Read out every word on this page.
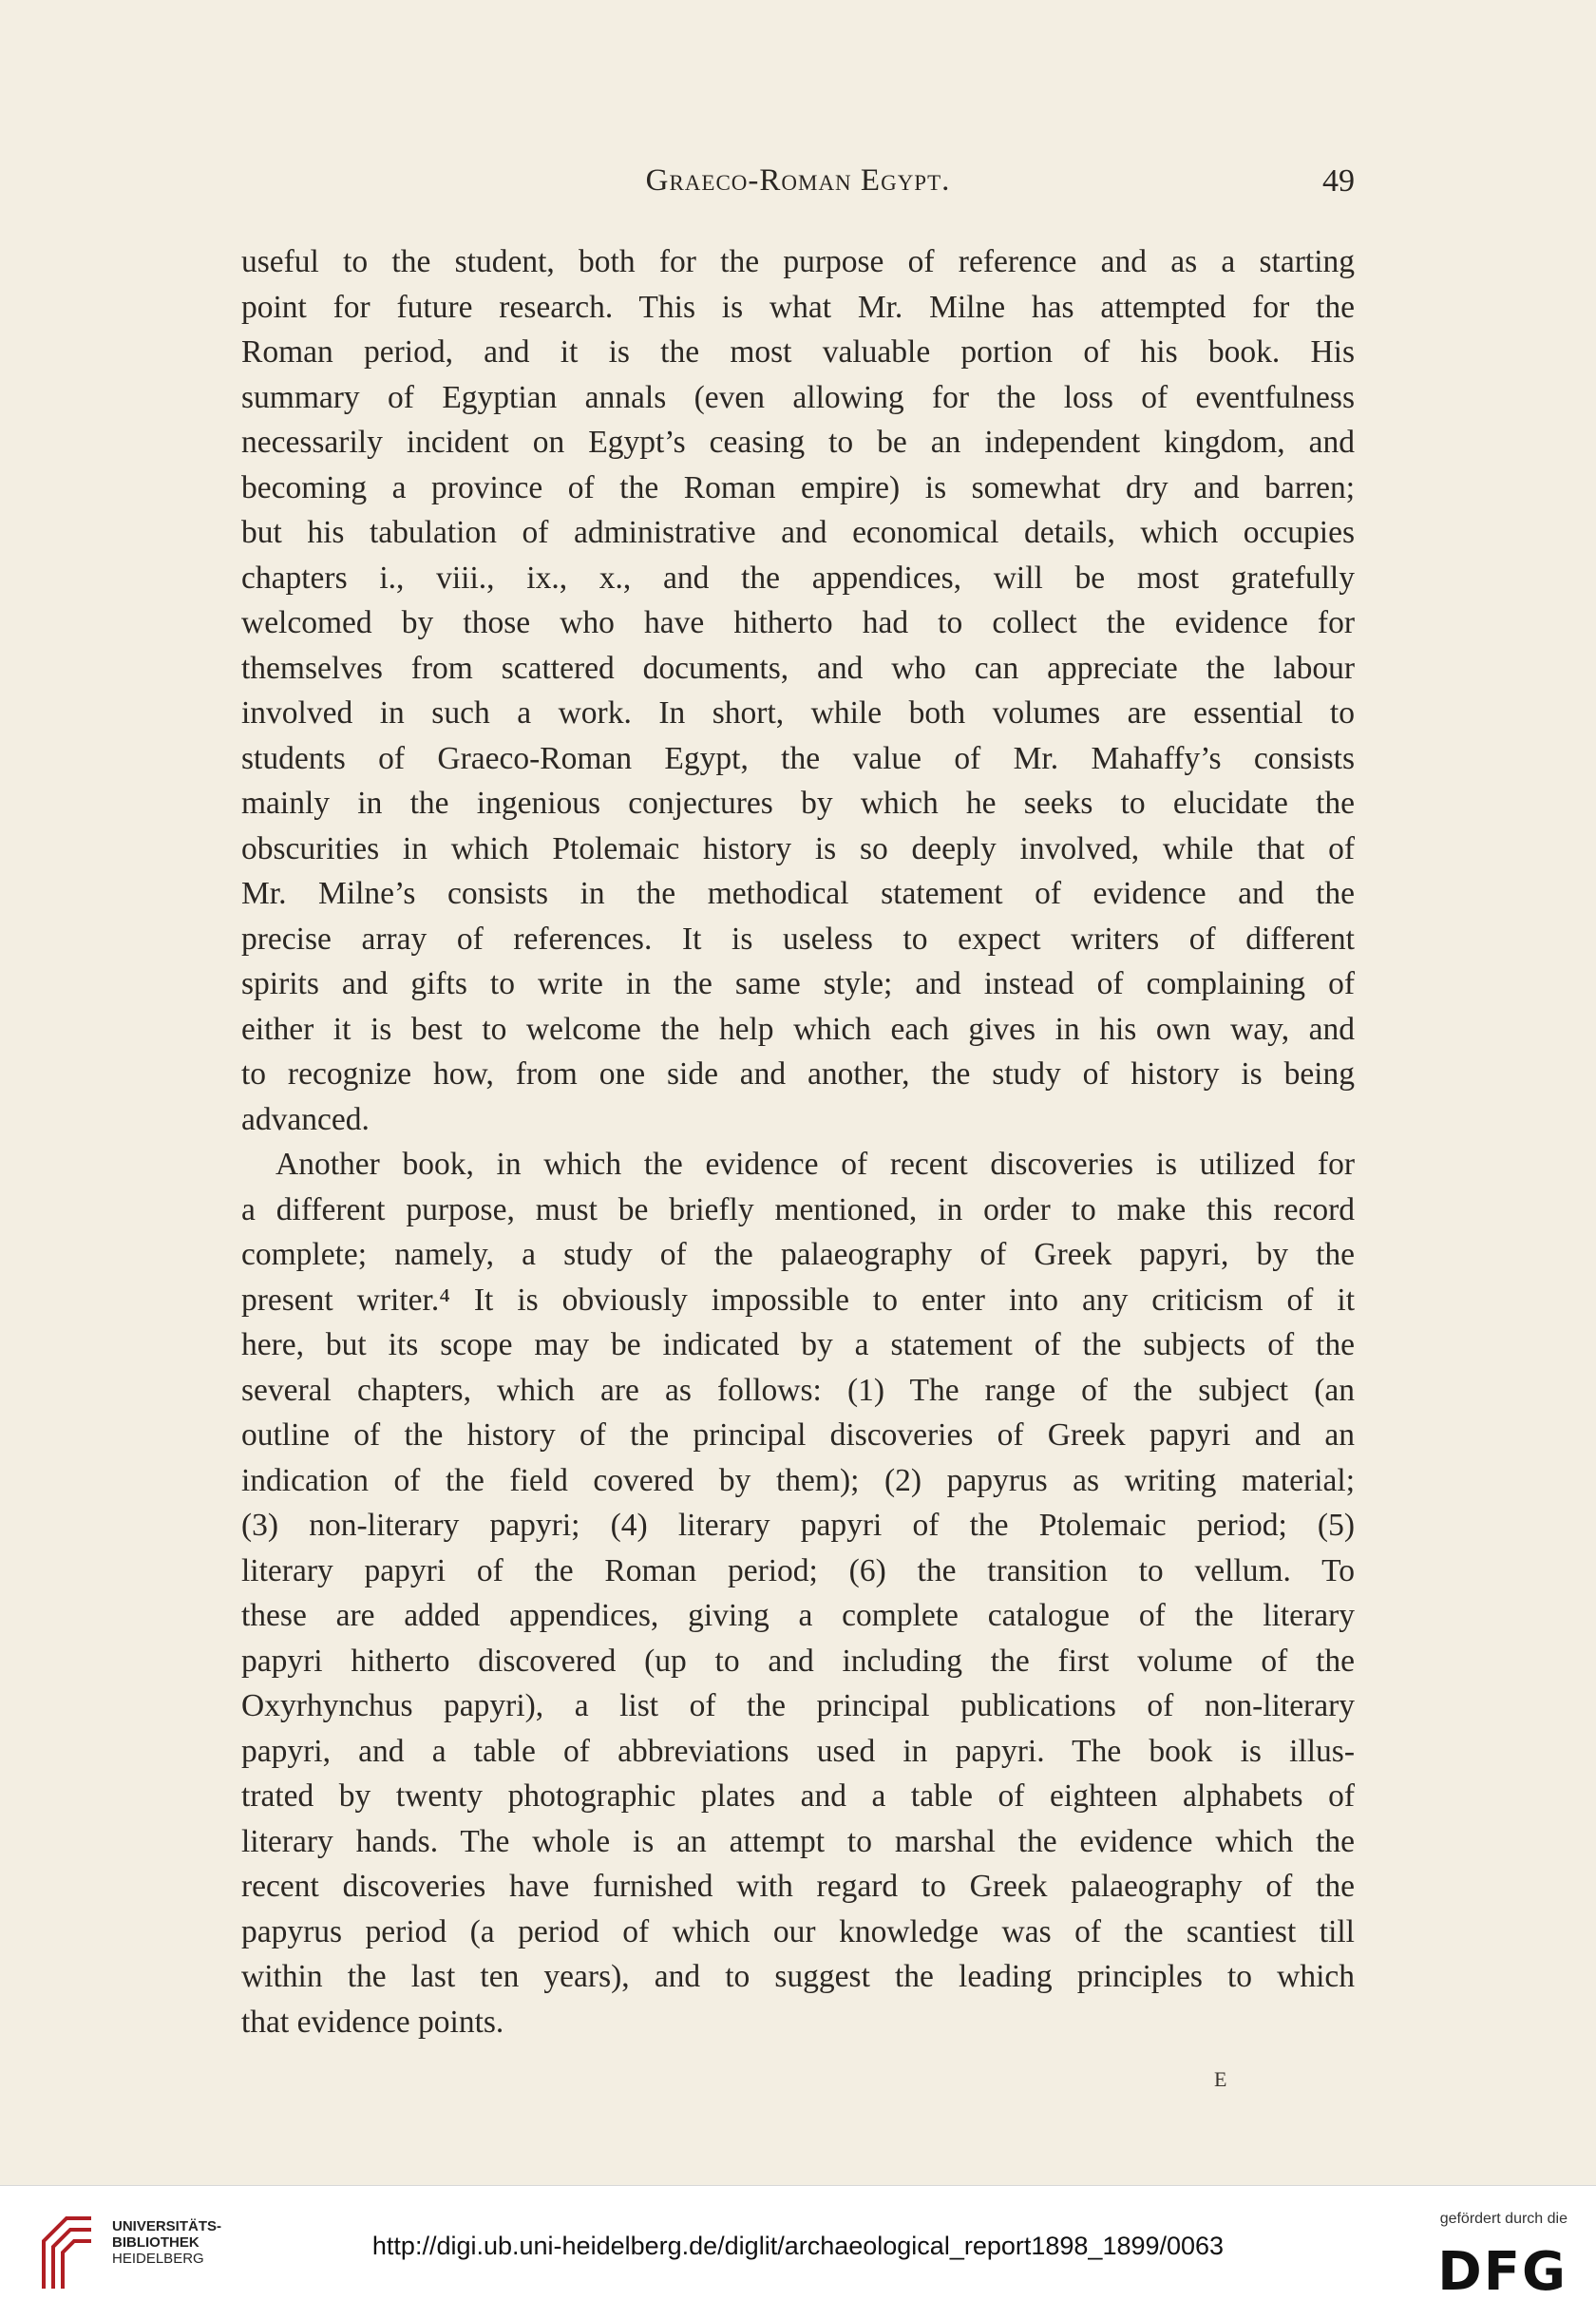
Graeco-Roman Egypt.	49
useful to the student, both for the purpose of reference and as a starting
point for future research. This is what Mr. Milne has attempted for the
Roman period, and it is the most valuable portion of his book. His
summary of Egyptian annals (even allowing for the loss of eventfulness
necessarily incident on Egypt’s ceasing to be an independent kingdom, and
becoming a province of the Roman empire) is somewhat dry and barren;
but his tabulation of administrative and economical details, which occupies
chapters i., viii., ix., x., and the appendices, will be most gratefully
welcomed by those who have hitherto had to collect the evidence for
themselves from scattered documents, and who can appreciate the labour
involved in such a work. In short, while both volumes are essential to
students of Graeco-Roman Egypt, the value of Mr. Mahaffy’s consists
mainly in the ingenious conjectures by which he seeks to elucidate the
obscurities in which Ptolemaic history is so deeply involved, while that of
Mr. Milne’s consists in the methodical statement of evidence and the
precise array of references. It is useless to expect writers of different
spirits and gifts to write in the same style; and instead of complaining of
either it is best to welcome the help which each gives in his own way, and
to recognize how, from one side and another, the study of history is being
advanced.
Another book, in which the evidence of recent discoveries is utilized for
a different purpose, must be briefly mentioned, in order to make this record
complete; namely, a study of the palaeography of Greek papyri, by the
present writer.⁴ It is obviously impossible to enter into any criticism of it
here, but its scope may be indicated by a statement of the subjects of the
several chapters, which are as follows: (1) The range of the subject (an
outline of the history of the principal discoveries of Greek papyri and an
indication of the field covered by them); (2) papyrus as writing material;
(3) non-literary papyri; (4) literary papyri of the Ptolemaic period; (5)
literary papyri of the Roman period; (6) the transition to vellum. To
these are added appendices, giving a complete catalogue of the literary
papyri hitherto discovered (up to and including the first volume of the
Oxyrhynchus papyri), a list of the principal publications of non-literary
papyri, and a table of abbreviations used in papyri. The book is illus-
trated by twenty photographic plates and a table of eighteen alphabets of
literary hands. The whole is an attempt to marshal the evidence which the
recent discoveries have furnished with regard to Greek palaeography of the
papyrus period (a period of which our knowledge was of the scantiest till
within the last ten years), and to suggest the leading principles to which
that evidence points.
E
UNIVERSITÄTS-
BIBLIOTHEK
HEIDELBERG	http://digi.ub.uni-heidelberg.de/diglit/archaeological_report1898_1899/0063
gefördert durch die
DFG
